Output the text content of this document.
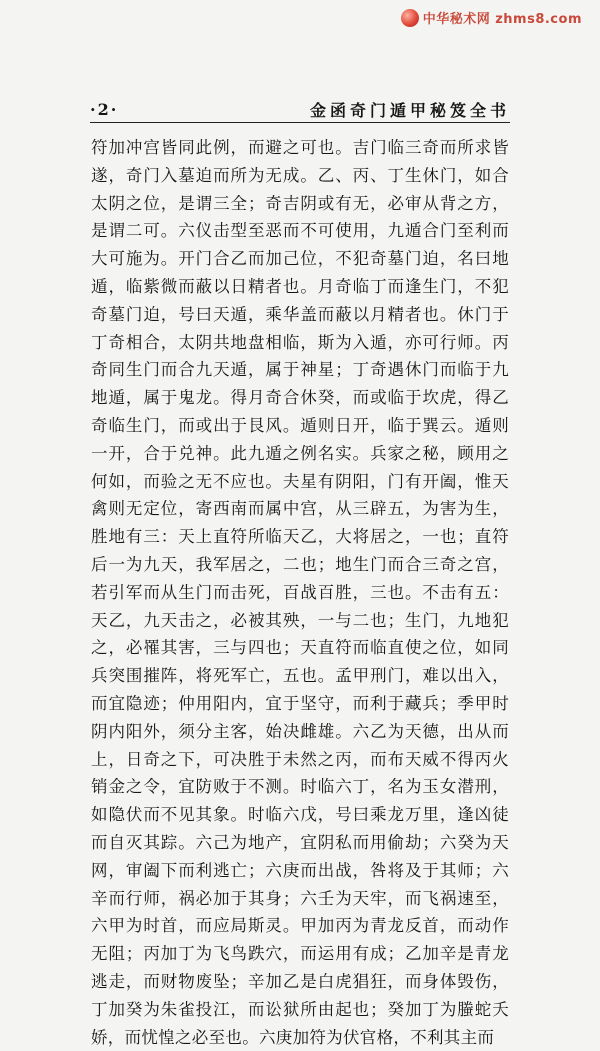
中华秘术网 zhms8.com
·2·	金函奇门遁甲秘笈全书

符加冲宫皆同此例，而避之可也。吉门临三奇而所求皆遂，奇门入墓迫而所为无成。乙、丙、丁生休门，如合太阴之位，是谓三全；奇吉阴或有无，必审从背之方，是谓二可。六仪击型至恶而不可使用，九遁合门至利而大可施为。开门合乙而加己位，不犯奇墓门迫，名曰地遁，临紫微而蔽以日精者也。月奇临丁而逢生门，不犯奇墓门迫，号曰天遁，乘华盖而蔽以月精者也。休门于丁奇相合，太阴共地盘相临，斯为入遁，亦可行师。丙奇同生门而合九天遁，属于神星；丁奇遇休门而临于九地遁，属于鬼龙。得月奇合休癸，而或临于坎虎，得乙奇临生门，而或出于艮风。遁则日开，临于巽云。遁则一开，合于兑神。此九遁之例名实。兵家之秘，顾用之何如，而验之无不应也。夫星有阴阳，门有开阖，惟天禽则无定位，寄西南而属中宫，从三辟五，为害为生，胜地有三：天上直符所临天乙，大将居之，一也；直符后一为九天，我军居之，二也；地生门而合三奇之宫，若引军而从生门而击死，百战百胜，三也。不击有五：天乙，九天击之，必被其殃，一与二也；生门，九地犯之，必罹其害，三与四也；天直符而临直使之位，如同兵突围摧阵，将死军亡，五也。孟甲刑门，难以出入，而宜隐迹；仲用阳内，宜于坚守，而利于藏兵；季甲时阴内阳外，须分主客，始决雌雄。六乙为天德，出从而上，日奇之下，可决胜于未然之丙，而布天威不得丙火销金之令，宜防败于不测。时临六丁，名为玉女潜刑，如隐伏而不见其象。时临六戊，号曰乘龙万里，逢凶徒而自灭其踪。六己为地产，宜阴私而用偷劫；六癸为天网，审阖下而利逃亡；六庚而出战，咎将及于其师；六辛而行师，祸必加于其身；六壬为天牢，而飞祸速至，六甲为时首，而应局斯灵。甲加丙为青龙反首，而动作无阻；丙加丁为飞鸟跌穴，而运用有成；乙加辛是青龙逃走，而财物废坠；辛加乙是白虎猖狂，而身体毁伤，丁加癸为朱雀投江，而讼狱所由起也；癸加丁为螣蛇夭娇，而忧惶之必至也。六庚加符为伏官格，不利其主而
